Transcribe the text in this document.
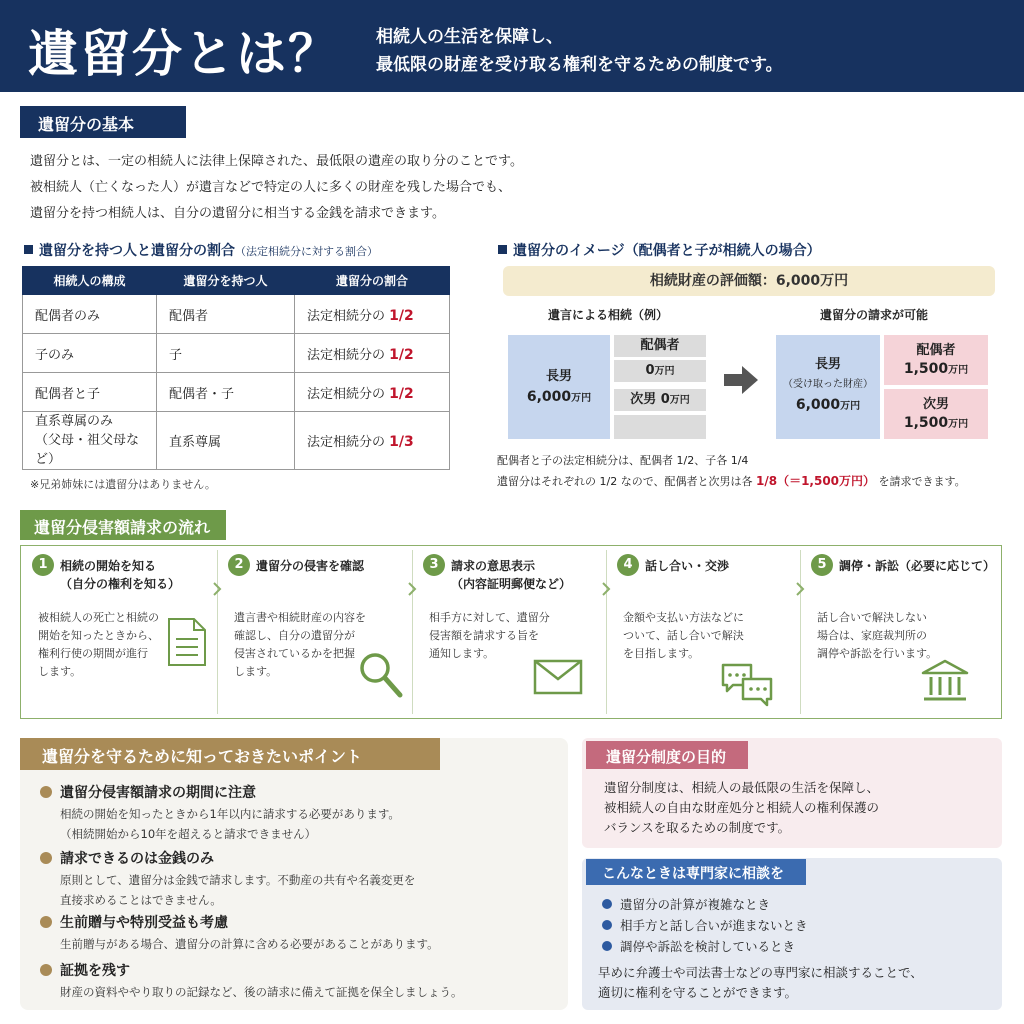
遺留分とは？ 相続人の生活を保障し、
最低限の財産を受け取る権利を守るための制度です。
遺留分の基本
遺留分とは、一定の相続人に法律上保障された、最低限の遺産の取り分のことです。
被相続人（亡くなった人）が遺言などで特定の人に多くの財産を残した場合でも、
遺留分を持つ相続人は、自分の遺留分に相当する金銭を請求できます。
遺留分を持つ人と遺留分の割合（法定相続分に対する割合）
相続人の構成	遺留分を持つ人	遺留分の割合
配偶者のみ	配偶者	法定相続分の 1/2
子のみ	子	法定相続分の 1/2
配偶者と子	配偶者・子	法定相続分の 1/2

直系尊属のみ
（父母・祖父母など）	直系尊属	法定相続分の 1/3
※兄弟姉妹には遺留分はありません。
遺留分のイメージ（配偶者と子が相続人の場合）
相続財産の評価額：6,000万円
遺言による相続（例）	遺留分の請求が可能
長男
6,000万円
配偶者
0万円
次男 0万円
長男
（受け取った財産）
6,000万円
配偶者
1,500万円
次男
1,500万円
配偶者と子の法定相続分は、配偶者 1/2、子各 1/4
遺留分はそれぞれの 1/2 なので、配偶者と次男は各 1/8（＝1,500万円） を請求できます。
遺留分侵害額請求の流れ
1	相続の開始を知る
（自分の権利を知る）
被相続人の死亡と相続の
開始を知ったときから、
権利行使の期間が進行
します。
2	遺留分の侵害を確認
遺言書や相続財産の内容を
確認し、自分の遺留分が
侵害されているかを把握
します。
3	請求の意思表示
（内容証明郵便など）
相手方に対して、遺留分
侵害額を請求する旨を
通知します。
4	話し合い・交渉
金額や支払い方法などに
ついて、話し合いで解決
を目指します。
5	調停・訴訟（必要に応じて）
話し合いで解決しない
場合は、家庭裁判所の
調停や訴訟を行います。
遺留分を守るために知っておきたいポイント
遺留分侵害額請求の期間に注意
相続の開始を知ったときから1年以内に請求する必要があります。
（相続開始から10年を超えると請求できません）
請求できるのは金銭のみ
原則として、遺留分は金銭で請求します。不動産の共有や名義変更を
直接求めることはできません。
生前贈与や特別受益も考慮
生前贈与がある場合、遺留分の計算に含める必要があることがあります。
証拠を残す
財産の資料ややり取りの記録など、後の請求に備えて証拠を保全しましょう。
遺留分制度の目的
遺留分制度は、相続人の最低限の生活を保障し、
被相続人の自由な財産処分と相続人の権利保護の
バランスを取るための制度です。
こんなときは専門家に相談を
遺留分の計算が複雑なとき
相手方と話し合いが進まないとき
調停や訴訟を検討しているとき
早めに弁護士や司法書士などの専門家に相談することで、
適切に権利を守ることができます。
